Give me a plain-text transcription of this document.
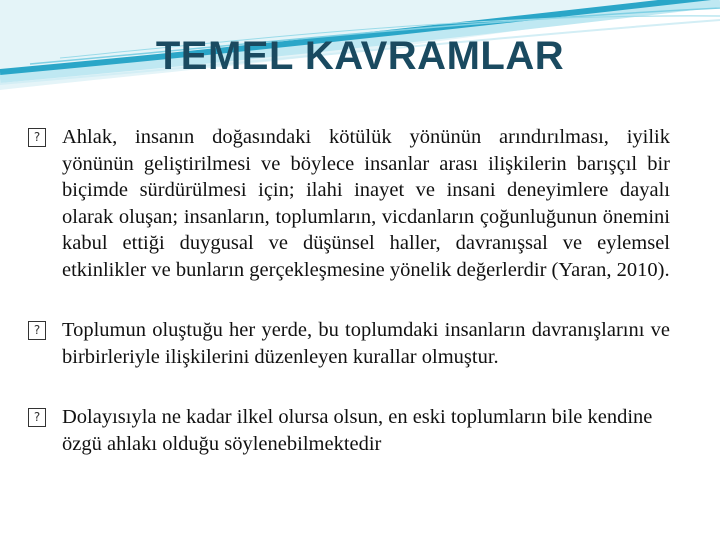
TEMEL KAVRAMLAR

? Ahlak, insanın doğasındaki kötülük yönünün arındırılması, iyilik yönünün geliştirilmesi ve böylece insanlar arası ilişkilerin barışçıl bir biçimde sürdürülmesi için; ilahi inayet ve insani deneyimlere dayalı olarak oluşan; insanların, toplumların, vicdanların çoğunluğunun önemini kabul ettiği duygusal ve düşünsel haller, davranışsal ve eylemsel etkinlikler ve bunların gerçekleşmesine yönelik değerlerdir (Yaran, 2010).

? Toplumun oluştuğu her yerde, bu toplumdaki insanların davranışlarını ve birbirleriyle ilişkilerini düzenleyen kurallar olmuştur.

? Dolayısıyla ne kadar ilkel olursa olsun, en eski toplumların bile kendine özgü ahlakı olduğu söylenebilmektedir
